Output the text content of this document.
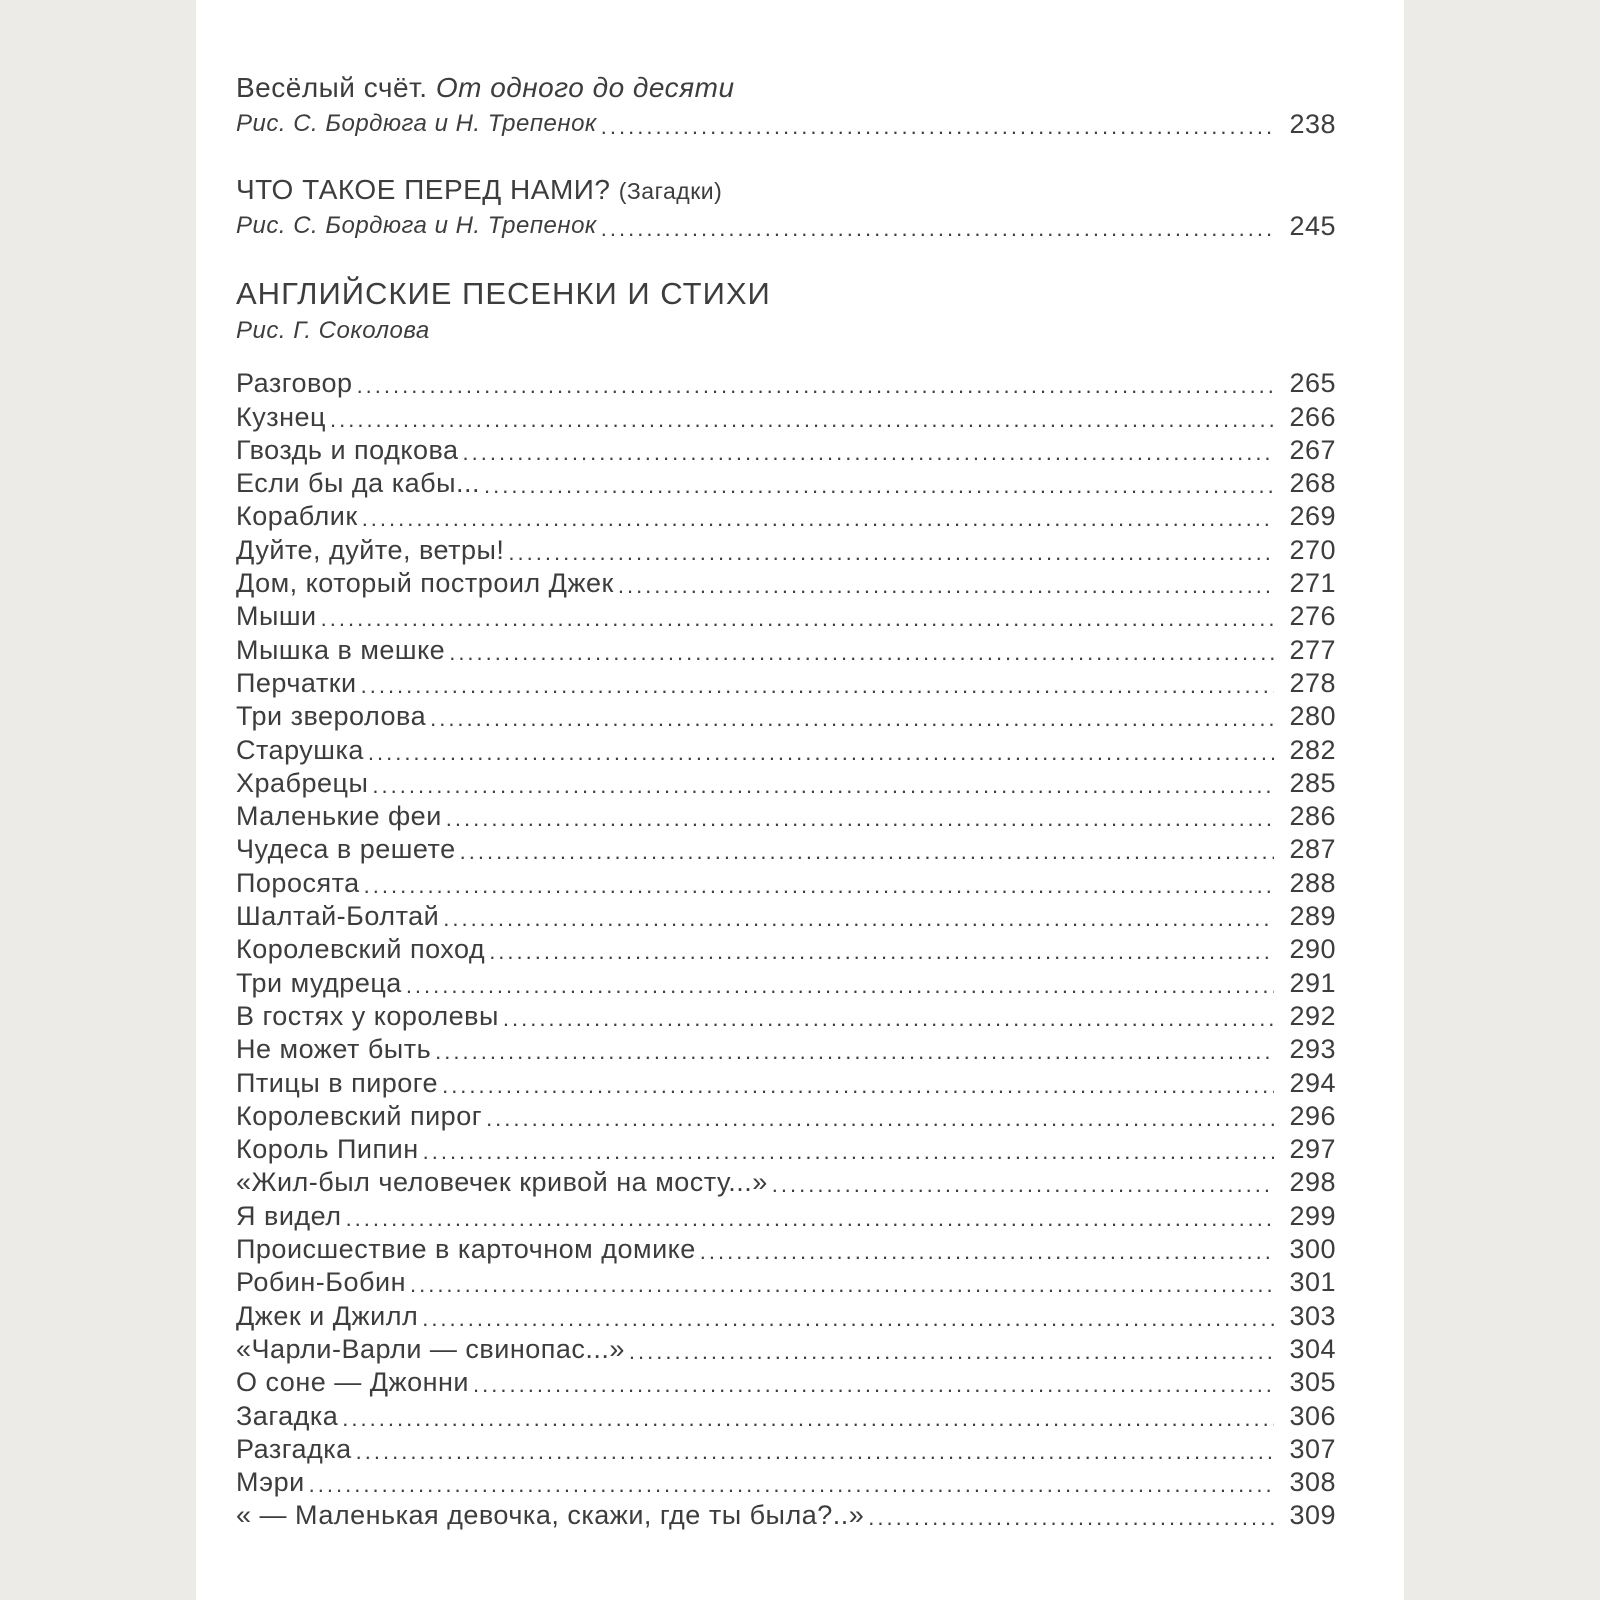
Весёлый счёт. От одного до десяти
Рис. С. Бордюга и Н. Трепенок .....	238
ЧТО ТАКОЕ ПЕРЕД НАМИ? (Загадки)
Рис. С. Бордюга и Н. Трепенок .....	245
АНГЛИЙСКИЕ ПЕСЕНКИ И СТИХИ
Рис. Г. Соколова
Разговор .....	265
Кузнец .....	266
Гвоздь и подкова .....	267
Если бы да кабы... .....	268
Кораблик .....	269
Дуйте, дуйте, ветры! .....	270
Дом, который построил Джек .....	271
Мыши .....	276
Мышка в мешке .....	277
Перчатки .....	278
Три зверолова .....	280
Старушка .....	282
Храбрецы .....	285
Маленькие феи .....	286
Чудеса в решете .....	287
Поросята .....	288
Шалтай-Болтай .....	289
Королевский поход .....	290
Три мудреца .....	291
В гостях у королевы .....	292
Не может быть .....	293
Птицы в пироге .....	294
Королевский пирог .....	296
Король Пипин .....	297
«Жил-был человечек кривой на мосту...» .....	298
Я видел .....	299
Происшествие в карточном домике .....	300
Робин-Бобин .....	301
Джек и Джилл .....	303
«Чарли-Варли — свинопас...» .....	304
О соне — Джонни .....	305
Загадка .....	306
Разгадка .....	307
Мэри .....	308
« — Маленькая девочка, скажи, где ты была?..» .....	309
